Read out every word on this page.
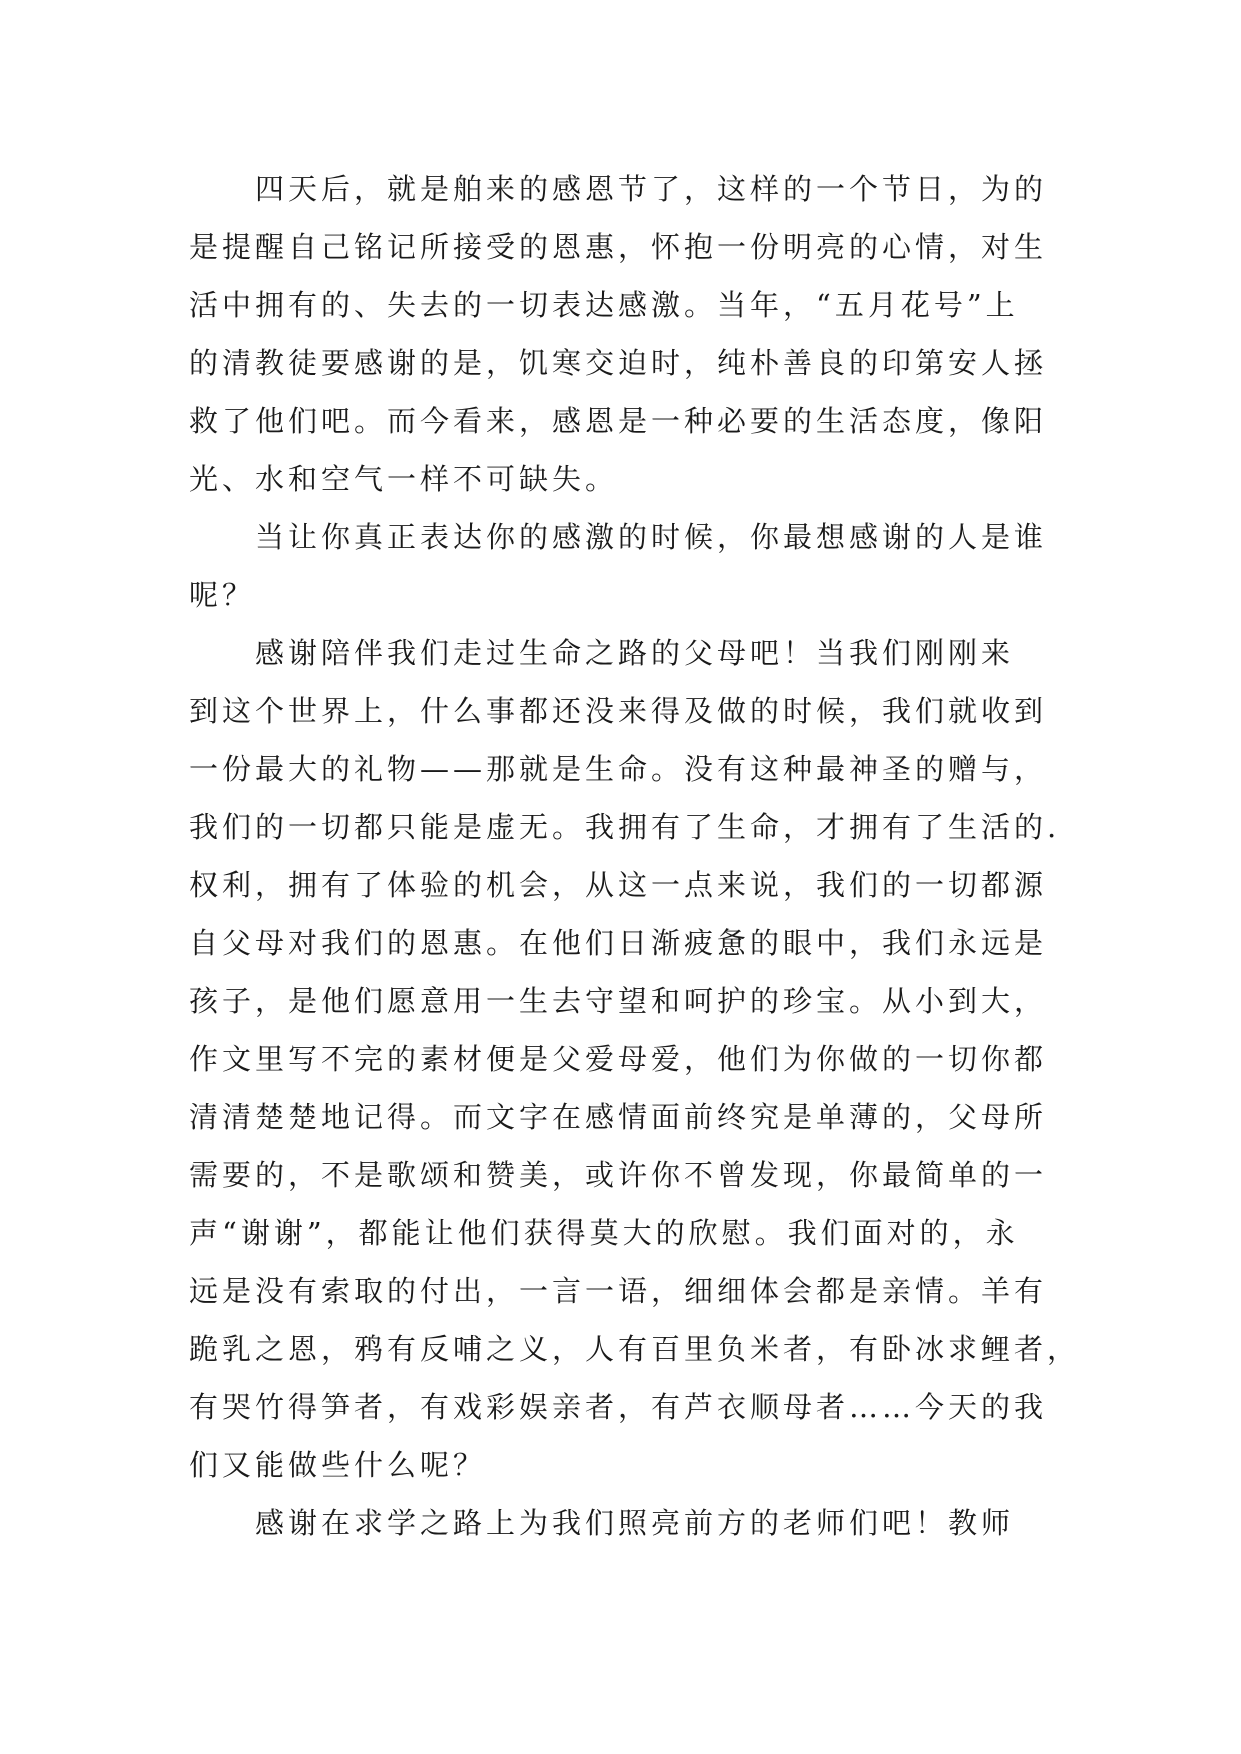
四天后，就是舶来的感恩节了，这样的一个节日，为的
是提醒自己铭记所接受的恩惠，怀抱一份明亮的心情，对生
活中拥有的、失去的一切表达感激。当年，“五月花号”上
的清教徒要感谢的是，饥寒交迫时，纯朴善良的印第安人拯
救了他们吧。而今看来，感恩是一种必要的生活态度，像阳
光、水和空气一样不可缺失。

当让你真正表达你的感激的时候，你最想感谢的人是谁
呢？

感谢陪伴我们走过生命之路的父母吧！当我们刚刚来
到这个世界上，什么事都还没来得及做的时候，我们就收到
一份最大的礼物——那就是生命。没有这种最神圣的赠与，
我们的一切都只能是虚无。我拥有了生命，才拥有了生活的.
权利，拥有了体验的机会，从这一点来说，我们的一切都源
自父母对我们的恩惠。在他们日渐疲惫的眼中，我们永远是
孩子，是他们愿意用一生去守望和呵护的珍宝。从小到大，
作文里写不完的素材便是父爱母爱，他们为你做的一切你都
清清楚楚地记得。而文字在感情面前终究是单薄的，父母所
需要的，不是歌颂和赞美，或许你不曾发现，你最简单的一
声“谢谢”，都能让他们获得莫大的欣慰。我们面对的，永
远是没有索取的付出，一言一语，细细体会都是亲情。羊有
跪乳之恩，鸦有反哺之义，人有百里负米者，有卧冰求鲤者，
有哭竹得笋者，有戏彩娱亲者，有芦衣顺母者……今天的我
们又能做些什么呢？

感谢在求学之路上为我们照亮前方的老师们吧！教师
